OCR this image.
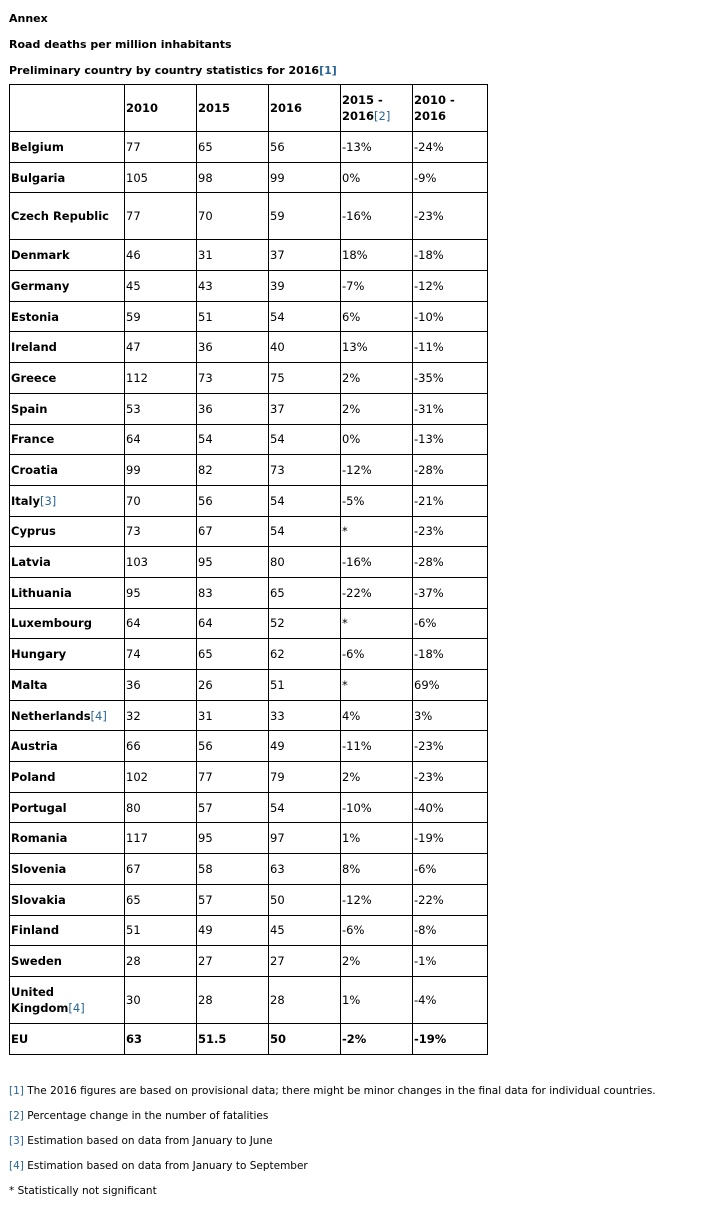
Annex
Road deaths per million inhabitants
Preliminary country by country statistics for 2016[1]
	2010	2015	2016	2015 - 2016[2]	2010 - 2016
Belgium	77	65	56	-13%	-24%
Bulgaria	105	98	99	0%	-9%
Czech Republic	77	70	59	-16%	-23%
Denmark	46	31	37	18%	-18%
Germany	45	43	39	-7%	-12%
Estonia	59	51	54	6%	-10%
Ireland	47	36	40	13%	-11%
Greece	112	73	75	2%	-35%
Spain	53	36	37	2%	-31%
France	64	54	54	0%	-13%
Croatia	99	82	73	-12%	-28%
Italy[3]	70	56	54	-5%	-21%
Cyprus	73	67	54	*	-23%
Latvia	103	95	80	-16%	-28%
Lithuania	95	83	65	-22%	-37%
Luxembourg	64	64	52	*	-6%
Hungary	74	65	62	-6%	-18%
Malta	36	26	51	*	69%
Netherlands[4]	32	31	33	4%	3%
Austria	66	56	49	-11%	-23%
Poland	102	77	79	2%	-23%
Portugal	80	57	54	-10%	-40%
Romania	117	95	97	1%	-19%
Slovenia	67	58	63	8%	-6%
Slovakia	65	57	50	-12%	-22%
Finland	51	49	45	-6%	-8%
Sweden	28	27	27	2%	-1%
United Kingdom[4]	30	28	28	1%	-4%
EU	63	51.5	50	-2%	-19%
[1] The 2016 figures are based on provisional data; there might be minor changes in the final data for individual countries.
[2] Percentage change in the number of fatalities
[3] Estimation based on data from January to June
[4] Estimation based on data from January to September
* Statistically not significant
